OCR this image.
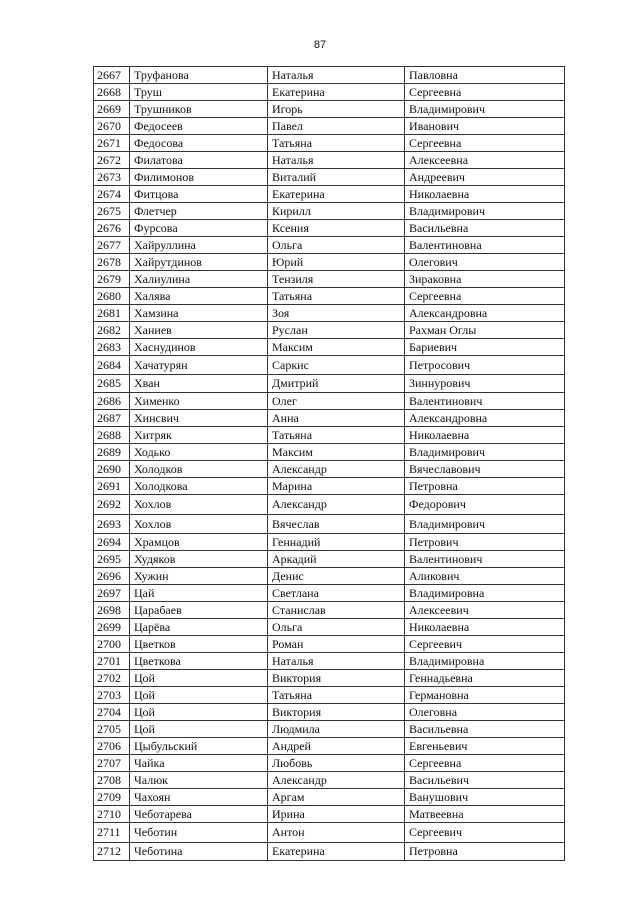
87
2667	Труфанова	Наталья	Павловна
2668	Труш	Екатерина	Сергеевна
2669	Трушников	Игорь	Владимирович
2670	Федосеев	Павел	Иванович
2671	Федосова	Татьяна	Сергеевна
2672	Филатова	Наталья	Алексеевна
2673	Филимонов	Виталий	Андреевич
2674	Фитцова	Екатерина	Николаевна
2675	Флетчер	Кирилл	Владимирович
2676	Фурсова	Ксения	Васильевна
2677	Хайруллина	Ольга	Валентиновна
2678	Хайрутдинов	Юрий	Олегович
2679	Халиулина	Тензиля	Зираковна
2680	Халява	Татьяна	Сергеевна
2681	Хамзина	Зоя	Александровна
2682	Ханиев	Руслан	Рахман Оглы
2683	Хаснудинов	Максим	Бариевич
2684	Хачатурян	Саркис	Петросович
2685	Хван	Дмитрий	Зиннурович
2686	Хименко	Олег	Валентинович
2687	Хинсвич	Анна	Александровна
2688	Хитряк	Татьяна	Николаевна
2689	Ходько	Максим	Владимирович
2690	Холодков	Александр	Вячеславович
2691	Холодкова	Марина	Петровна
2692	Хохлов	Александр	Федорович
2693	Хохлов	Вячеслав	Владимирович
2694	Храмцов	Геннадий	Петрович
2695	Худяков	Аркадий	Валентинович
2696	Хужин	Денис	Аликович
2697	Цай	Светлана	Владимировна
2698	Царабаев	Станислав	Алексеевич
2699	Царёва	Ольга	Николаевна
2700	Цветков	Роман	Сергеевич
2701	Цветкова	Наталья	Владимировна
2702	Цой	Виктория	Геннадьевна
2703	Цой	Татьяна	Германовна
2704	Цой	Виктория	Олеговна
2705	Цой	Людмила	Васильевна
2706	Цыбульский	Андрей	Евгеньевич
2707	Чайка	Любовь	Сергеевна
2708	Чалюк	Александр	Васильевич
2709	Чахоян	Аргам	Ванушович
2710	Чеботарева	Ирина	Матвеевна
2711	Чеботин	Антон	Сергеевич
2712	Чеботина	Екатерина	Петровна
